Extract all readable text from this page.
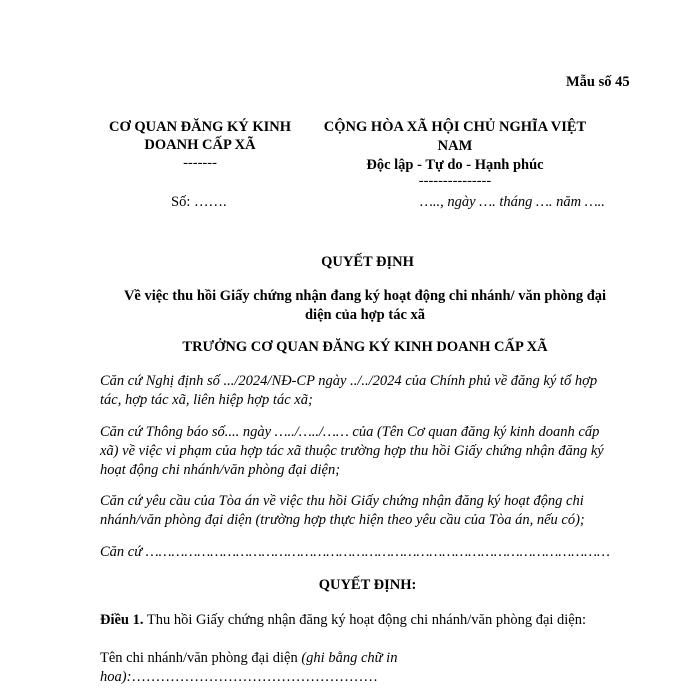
Mẫu số 45
CƠ QUAN ĐĂNG KÝ KINH
DOANH CẤP XÃ
-------
CỘNG HÒA XÃ HỘI CHỦ NGHĨA VIỆT
NAM
Độc lập - Tự do - Hạnh phúc
---------------
Số: …….	….., ngày …. tháng …. năm …..
QUYẾT ĐỊNH
Về việc thu hồi Giấy chứng nhận đang ký hoạt động chi nhánh/ văn phòng đại
diện của hợp tác xã
TRƯỞNG CƠ QUAN ĐĂNG KÝ KINH DOANH CẤP XÃ
Căn cứ Nghị định số .../2024/NĐ-CP ngày ../../2024 của Chính phủ về đăng ký tổ hợp
tác, hợp tác xã, liên hiệp hợp tác xã;
Căn cứ Thông báo số.... ngày …../…../…… của (Tên Cơ quan đăng ký kinh doanh cấp
xã) về việc vi phạm của hợp tác xã thuộc trường hợp thu hồi Giấy chứng nhận đăng ký
hoạt động chi nhánh/văn phòng đại diện;
Căn cứ yêu cầu của Tòa án về việc thu hồi Giấy chứng nhận đăng ký hoạt động chi
nhánh/văn phòng đại diện (trường hợp thực hiện theo yêu cầu của Tòa án, nếu có);
Căn cứ ………………………………………………………………………………………………
QUYẾT ĐỊNH:
Điều 1. Thu hồi Giấy chứng nhận đăng ký hoạt động chi nhánh/văn phòng đại diện:
Tên chi nhánh/văn phòng đại diện (ghi bằng chữ in
hoa):……………………………………………
